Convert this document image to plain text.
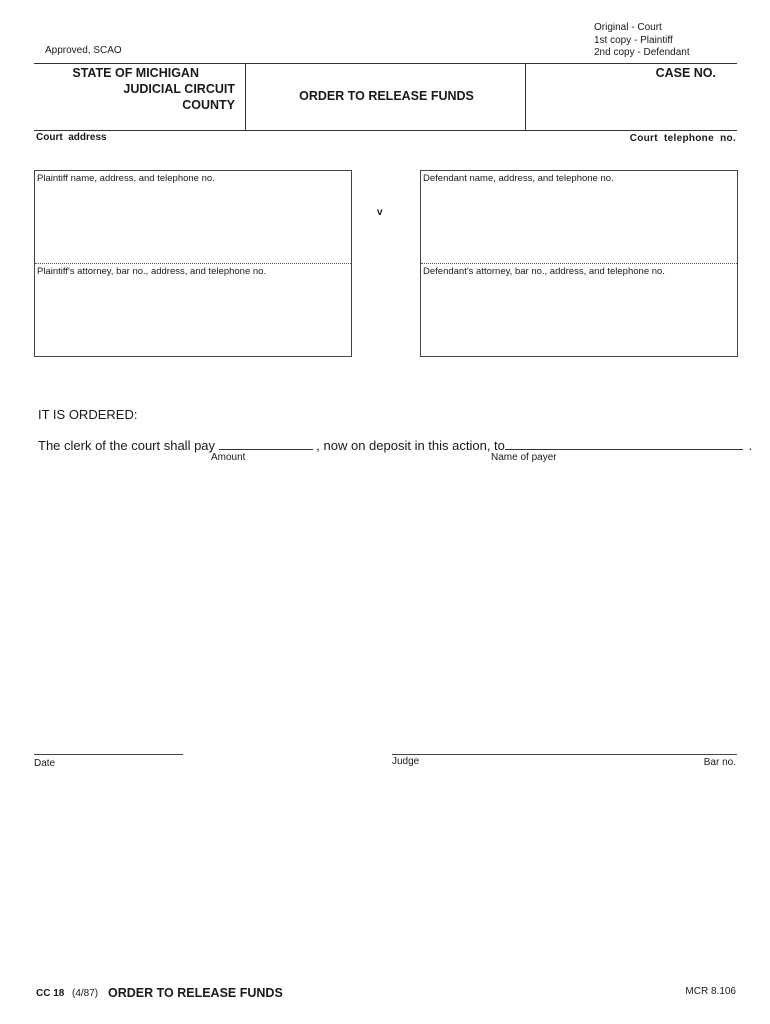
Approved, SCAO
Original - Court
1st copy - Plaintiff
2nd copy - Defendant
STATE OF MICHIGAN
JUDICIAL CIRCUIT
COUNTY
ORDER TO RELEASE FUNDS
CASE NO.
Court  address	Court  telephone  no.
Plaintiff name, address, and telephone no.
Plaintiff's attorney, bar no., address, and telephone no.
v
Defendant name, address, and telephone no.
Defendant's attorney, bar no., address, and telephone no.
IT IS ORDERED:
The clerk of the court shall pay	, now on deposit in this action, to	.
Amount	Name of payer
Date	Judge	Bar no.
CC 18 (4/87) ORDER TO RELEASE FUNDS	MCR 8.106
